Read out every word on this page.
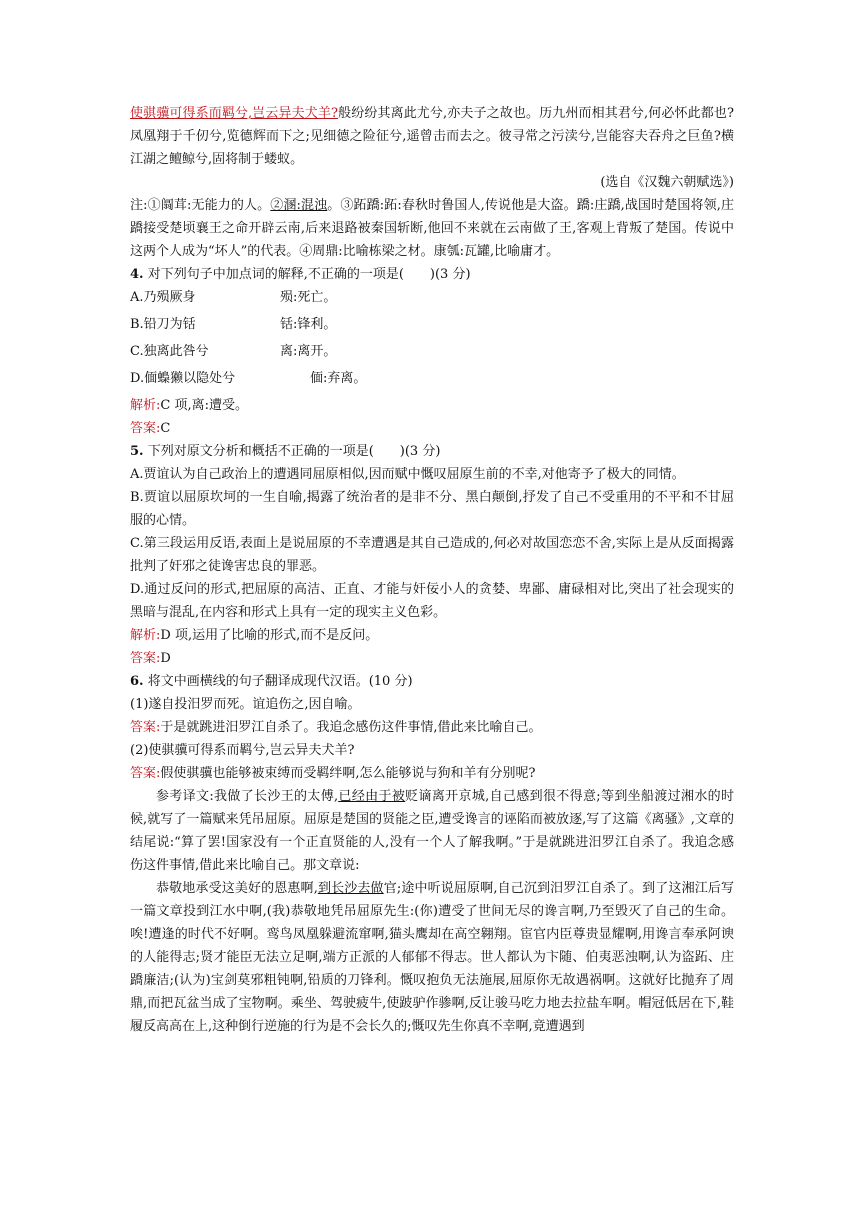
使骐骥可得系而羁兮,岂云异夫犬羊?般纷纷其离此尤兮,亦夫子之故也。历九州而相其君兮,何必怀此都也?凤凰翔于千仞兮,览德辉而下之;见细德之险征兮,遥曾击而去之。彼寻常之污渎兮,岂能容夫吞舟之巨鱼?横江湖之鳣鲸兮,固将制于蝼蚁。

(选自《汉魏六朝赋选》)

注:①阘茸:无能力的人。②溷:混浊。③跖蹻:跖:春秋时鲁国人,传说他是大盗。蹻:庄蹻,战国时楚国将领,庄蹻接受楚顷襄王之命开辟云南,后来退路被秦国斩断,他回不来就在云南做了王,客观上背叛了楚国。传说中这两个人成为“坏人”的代表。④周鼎:比喻栋梁之材。康瓠:瓦罐,比喻庸才。

4. 对下列句子中加点词的解释,不正确的一项是(　　)(3 分)

A.乃殒厥身	殒:死亡。
B.铅刀为铦	铦:锋利。
C.独离此咎兮	离:离开。
D.偭蟂獭以隐处兮	偭:弃离。

解析:C 项,离:遭受。

答案:C

5. 下列对原文分析和概括不正确的一项是(　　)(3 分)

A.贾谊认为自己政治上的遭遇同屈原相似,因而赋中慨叹屈原生前的不幸,对他寄予了极大的同情。

B.贾谊以屈原坎坷的一生自喻,揭露了统治者的是非不分、黑白颠倒,抒发了自己不受重用的不平和不甘屈服的心情。

C.第三段运用反语,表面上是说屈原的不幸遭遇是其自己造成的,何必对故国恋恋不舍,实际上是从反面揭露批判了奸邪之徒谗害忠良的罪恶。

D.通过反问的形式,把屈原的高洁、正直、才能与奸佞小人的贪婪、卑鄙、庸碌相对比,突出了社会现实的黑暗与混乱,在内容和形式上具有一定的现实主义色彩。

解析:D 项,运用了比喻的形式,而不是反问。

答案:D

6. 将文中画横线的句子翻译成现代汉语。(10 分)

(1)遂自投汨罗而死。谊追伤之,因自喻。

答案:于是就跳进汨罗江自杀了。我追念感伤这件事情,借此来比喻自己。

(2)使骐骥可得系而羁兮,岂云异夫犬羊?

答案:假使骐骥也能够被束缚而受羁绊啊,怎么能够说与狗和羊有分别呢?

参考译文:我做了长沙王的太傅,已经由于被贬谪离开京城,自己感到很不得意;等到坐船渡过湘水的时候,就写了一篇赋来凭吊屈原。屈原是楚国的贤能之臣,遭受谗言的诬陷而被放逐,写了这篇《离骚》,文章的结尾说:“算了罢!国家没有一个正直贤能的人,没有一个人了解我啊。”于是就跳进汨罗江自杀了。我追念感伤这件事情,借此来比喻自己。那文章说:

恭敬地承受这美好的恩惠啊,到长沙去做官;途中听说屈原啊,自己沉到汨罗江自杀了。到了这湘江后写一篇文章投到江水中啊,(我)恭敬地凭吊屈原先生:(你)遭受了世间无尽的谗言啊,乃至毁灭了自己的生命。唉!遭逢的时代不好啊。鸾鸟凤凰躲避流窜啊,猫头鹰却在高空翱翔。宦官内臣尊贵显耀啊,用谗言奉承阿谀的人能得志;贤才能臣无法立足啊,端方正派的人郁郁不得志。世人都认为卞随、伯夷恶浊啊,认为盗跖、庄蹻廉洁;(认为)宝剑莫邪粗钝啊,铅质的刀锋利。慨叹抱负无法施展,屈原你无故遇祸啊。这就好比抛弃了周鼎,而把瓦盆当成了宝物啊。乘坐、驾驶疲牛,使跛驴作骖啊,反让骏马吃力地去拉盐车啊。帽冠低居在下,鞋履反高高在上,这种倒行逆施的行为是不会长久的;慨叹先生你真不幸啊,竟遭遇到
